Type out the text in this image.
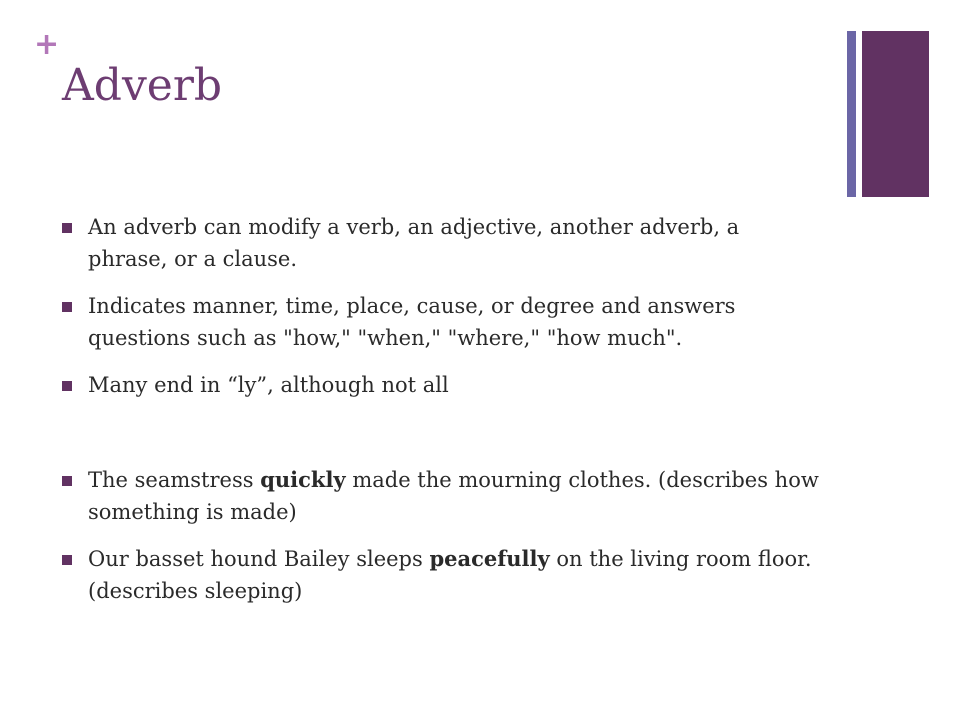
+
Adverb
An adverb can modify a verb, an adjective, another adverb, a phrase, or a clause.
Indicates manner, time, place, cause, or degree and answers questions such as "how," "when," "where," "how much".
Many end in “ly”, although not all
The seamstress quickly made the mourning clothes. (describes how something is made)
Our basset hound Bailey sleeps peacefully on the living room floor. (describes sleeping)
